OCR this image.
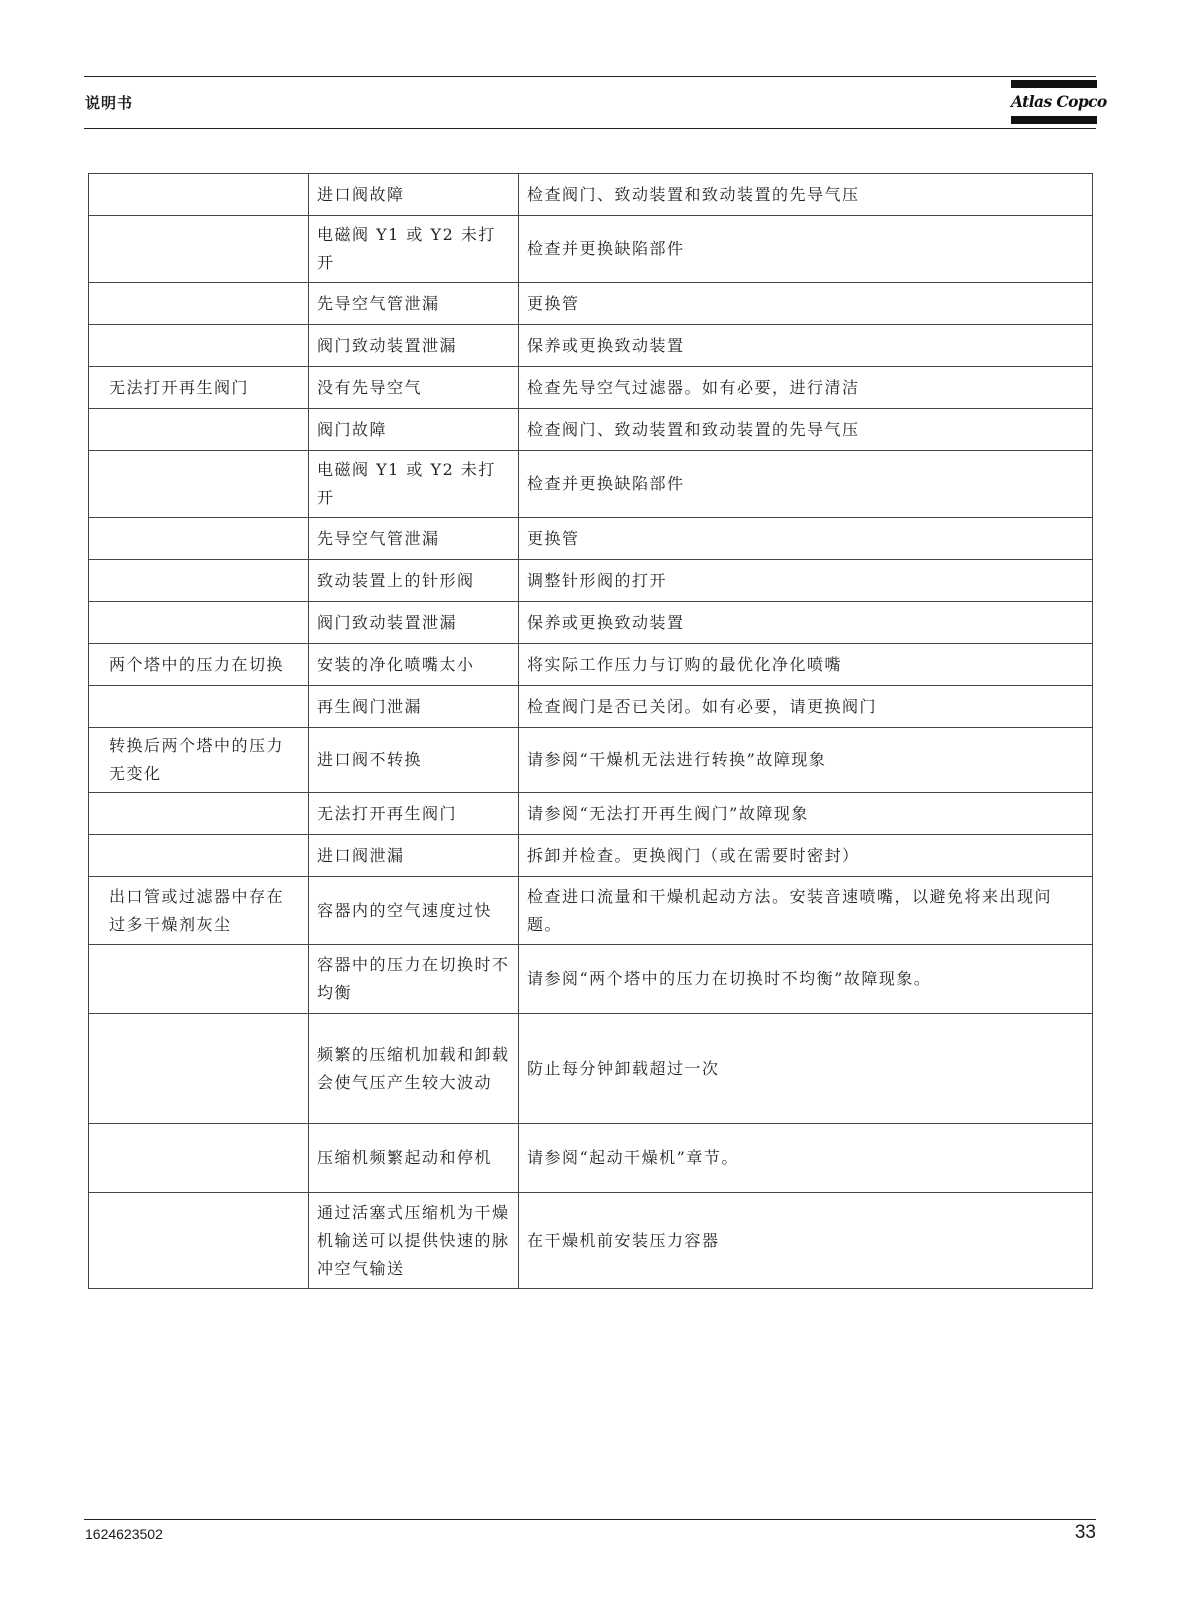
说明书	Atlas Copco
	进口阀故障	检查阀门、致动装置和致动装置的先导气压
	电磁阀 Y1 或 Y2 未打开	检查并更换缺陷部件
	先导空气管泄漏	更换管
	阀门致动装置泄漏	保养或更换致动装置
无法打开再生阀门	没有先导空气	检查先导空气过滤器。如有必要，进行清洁
	阀门故障	检查阀门、致动装置和致动装置的先导气压
	电磁阀 Y1 或 Y2 未打开	检查并更换缺陷部件
	先导空气管泄漏	更换管
	致动装置上的针形阀	调整针形阀的打开
	阀门致动装置泄漏	保养或更换致动装置
两个塔中的压力在切换	安装的净化喷嘴太小	将实际工作压力与订购的最优化净化喷嘴
	再生阀门泄漏	检查阀门是否已关闭。如有必要，请更换阀门
转换后两个塔中的压力无变化	进口阀不转换	请参阅“干燥机无法进行转换”故障现象
	无法打开再生阀门	请参阅“无法打开再生阀门”故障现象
	进口阀泄漏	拆卸并检查。更换阀门（或在需要时密封）
出口管或过滤器中存在过多干燥剂灰尘	容器内的空气速度过快	检查进口流量和干燥机起动方法。安装音速喷嘴，以避免将来出现问题。
	容器中的压力在切换时不均衡	请参阅“两个塔中的压力在切换时不均衡”故障现象。
	频繁的压缩机加载和卸载会使气压产生较大波动	防止每分钟卸载超过一次
	压缩机频繁起动和停机	请参阅“起动干燥机”章节。
	通过活塞式压缩机为干燥机输送可以提供快速的脉冲空气输送	在干燥机前安装压力容器
1624623502	33
